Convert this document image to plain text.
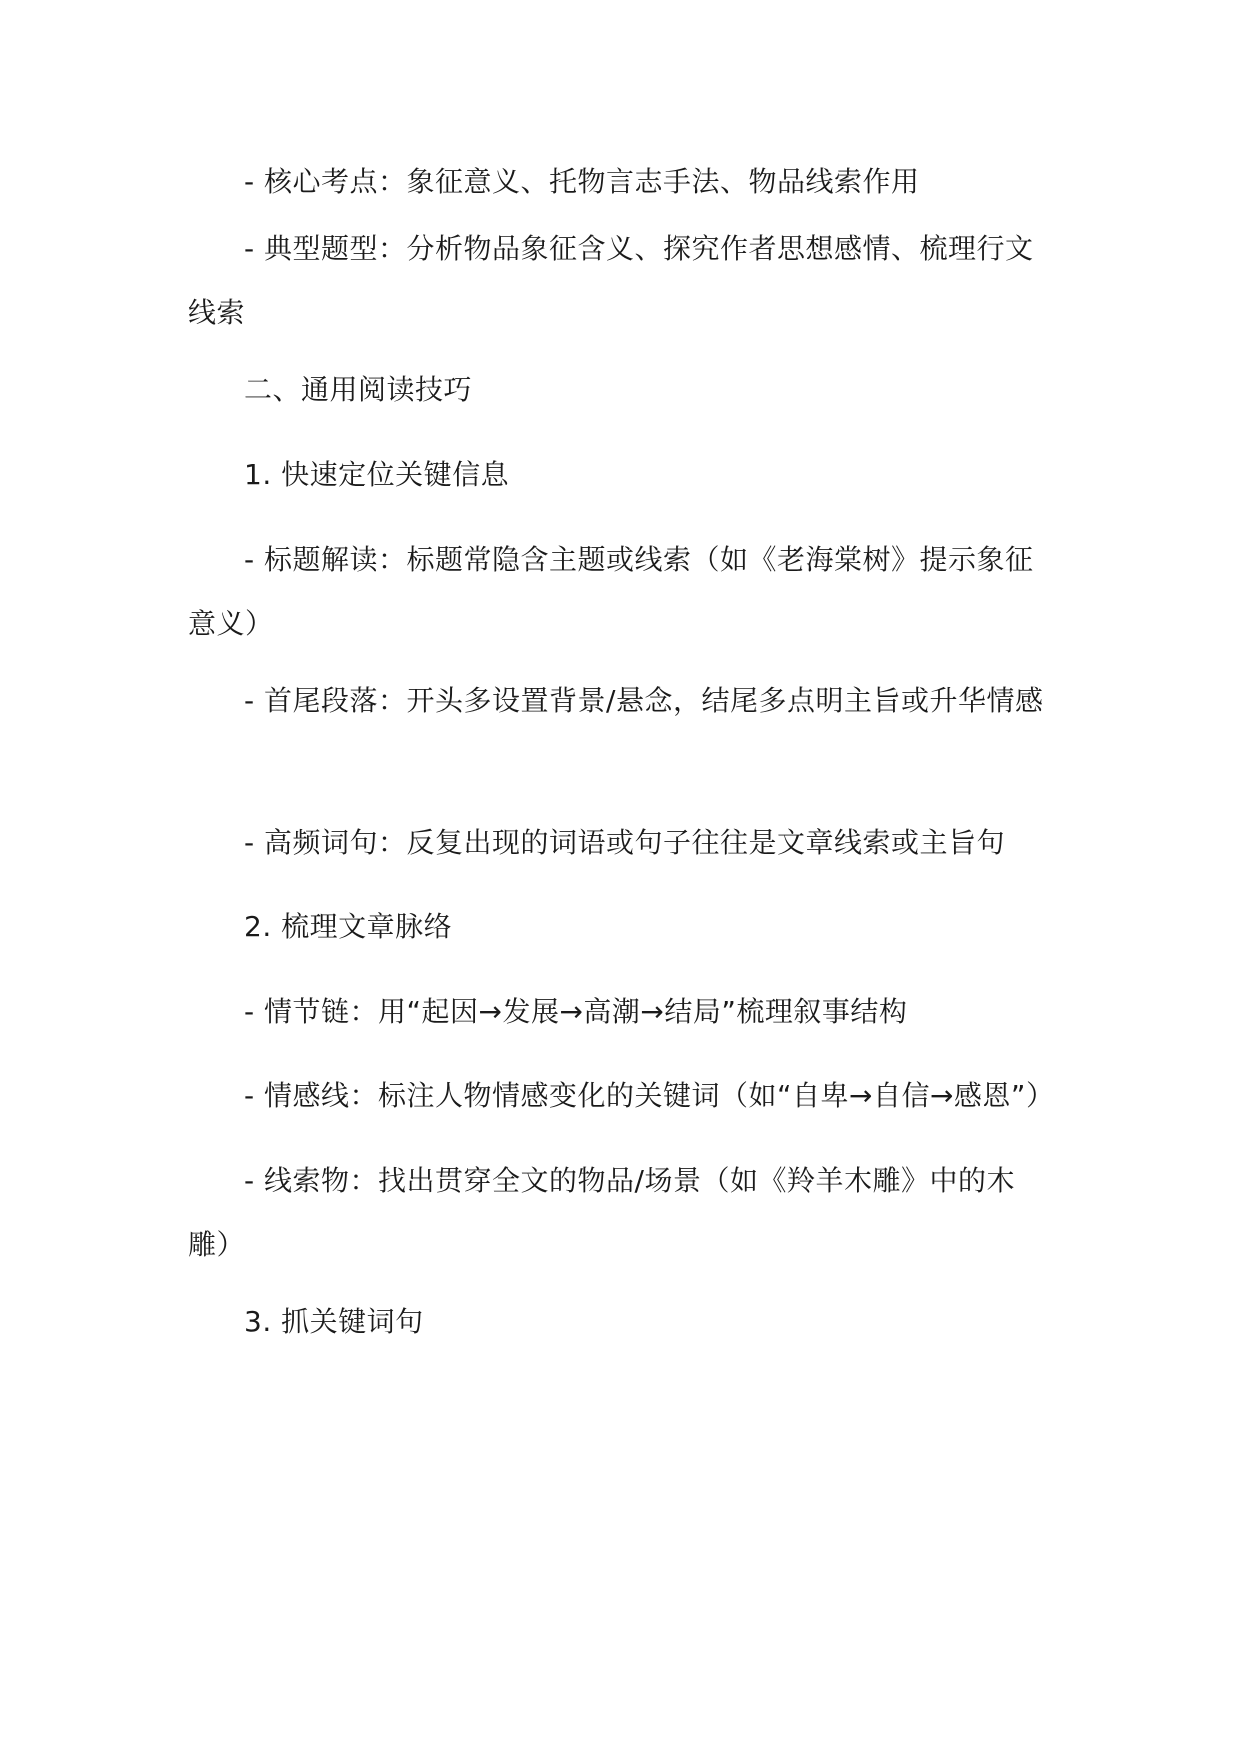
- 核心考点：象征意义、托物言志手法、物品线索作用

- 典型题型：分析物品象征含义、探究作者思想感情、梳理行文线索

二、通用阅读技巧

1. 快速定位关键信息

- 标题解读：标题常隐含主题或线索（如《老海棠树》提示象征意义）

- 首尾段落：开头多设置背景/悬念，结尾多点明主旨或升华情感

- 高频词句：反复出现的词语或句子往往是文章线索或主旨句

2. 梳理文章脉络

- 情节链：用“起因→发展→高潮→结局”梳理叙事结构

- 情感线：标注人物情感变化的关键词（如“自卑→自信→感恩”）

- 线索物：找出贯穿全文的物品/场景（如《羚羊木雕》中的木雕）

3. 抓关键词句
